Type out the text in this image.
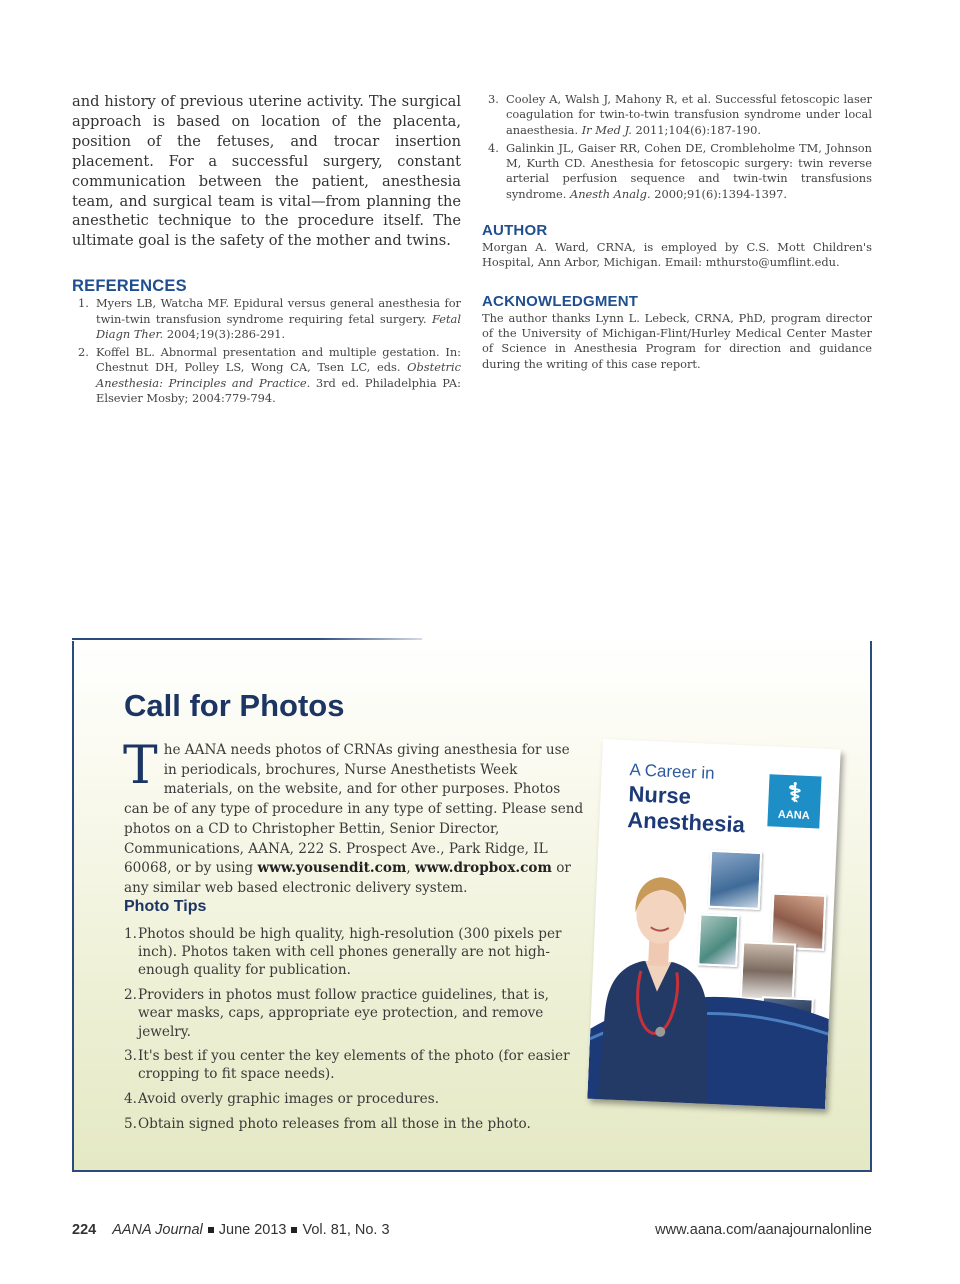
and history of previous uterine activity. The surgical approach is based on location of the placenta, position of the fetuses, and trocar insertion placement. For a successful surgery, constant communication between the patient, anesthesia team, and surgical team is vital—from planning the anesthetic technique to the procedure itself. The ultimate goal is the safety of the mother and twins.

REFERENCES
1. Myers LB, Watcha MF. Epidural versus general anesthesia for twin-twin transfusion syndrome requiring fetal surgery. Fetal Diagn Ther. 2004;19(3):286-291.
2. Koffel BL. Abnormal presentation and multiple gestation. In: Chestnut DH, Polley LS, Wong CA, Tsen LC, eds. Obstetric Anesthesia: Principles and Practice. 3rd ed. Philadelphia PA: Elsevier Mosby; 2004:779-794.
3. Cooley A, Walsh J, Mahony R, et al. Successful fetoscopic laser coagulation for twin-to-twin transfusion syndrome under local anaesthesia. Ir Med J. 2011;104(6):187-190.
4. Galinkin JL, Gaiser RR, Cohen DE, Crombleholme TM, Johnson M, Kurth CD. Anesthesia for fetoscopic surgery: twin reverse arterial perfusion sequence and twin-twin transfusions syndrome. Anesth Analg. 2000;91(6):1394-1397.
AUTHOR

Morgan A. Ward, CRNA, is employed by C.S. Mott Children's Hospital, Ann Arbor, Michigan. Email: mthursto@umflint.edu.

ACKNOWLEDGMENT

The author thanks Lynn L. Lebeck, CRNA, PhD, program director of the University of Michigan-Flint/Hurley Medical Center Master of Science in Anesthesia Program for direction and guidance during the writing of this case report.

Call for Photos

The AANA needs photos of CRNAs giving anesthesia for use in periodicals, brochures, Nurse Anesthetists Week materials, on the website, and for other purposes. Photos can be of any type of procedure in any type of setting. Please send photos on a CD to Christopher Bettin, Senior Director, Communications, AANA, 222 S. Prospect Ave., Park Ridge, IL 60068, or by using www.yousendit.com, www.dropbox.com or any similar web based electronic delivery system.

Photo Tips
1. Photos should be high quality, high-resolution (300 pixels per inch). Photos taken with cell phones generally are not high-enough quality for publication.
2. Providers in photos must follow practice guidelines, that is, wear masks, caps, appropriate eye protection, and remove jewelry.
3. It's best if you center the key elements of the photo (for easier cropping to fit space needs).
4. Avoid overly graphic images or procedures.
5. Obtain signed photo releases from all those in the photo.
A Career in
Nurse
Anesthesia
⚕
AANA
224 AANA Journal June 2013 Vol. 81, No. 3	www.aana.com/aanajournalonline
